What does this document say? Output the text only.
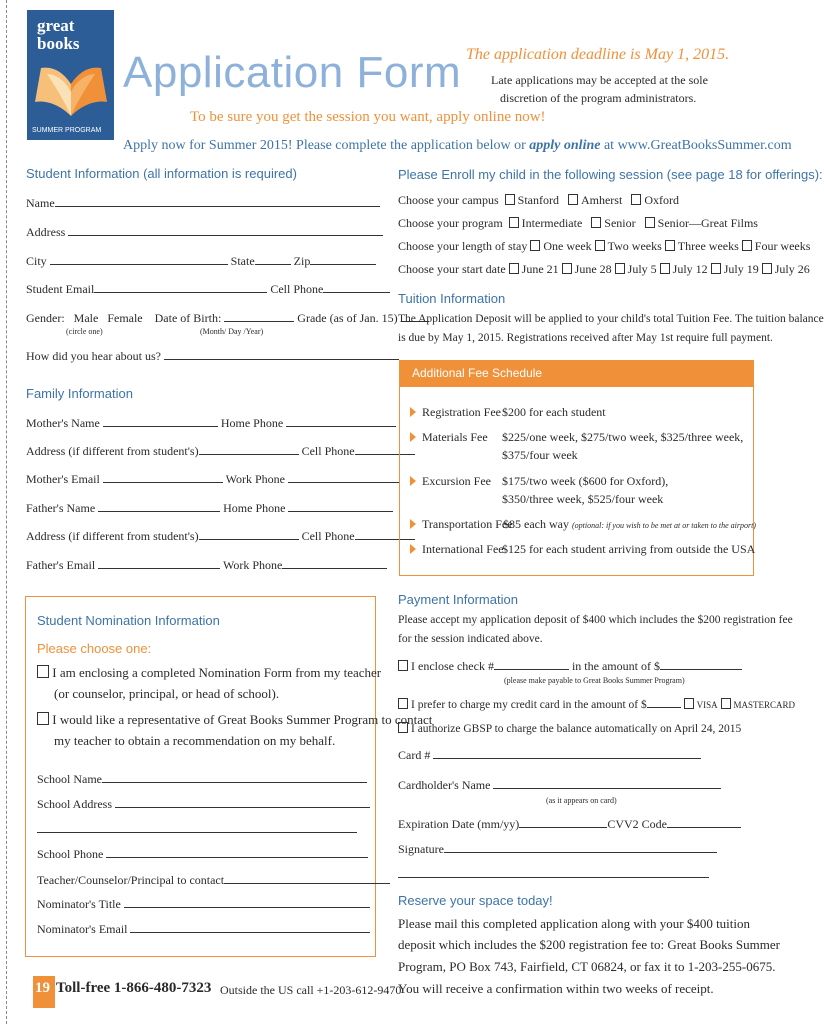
great
books
SUMMER PROGRAM
Application Form The application deadline is May 1, 2015.
Late applications may be accepted at the sole
discretion of the program administrators.
To be sure you get the session you want, apply online now!
Apply now for Summer 2015! Please complete the application below or apply online at www.GreatBooksSummer.com
Student Information (all information is required)
Name
Address
City	State	Zip
Student Email	Cell Phone
Gender: Male Female Date of Birth:	Grade (as of Jan. 15)
(circle one)	(Month/ Day /Year)
How did you hear about us?
Family Information
Mother's Name	Home Phone
Address (if different from student's)	Cell Phone
Mother's Email	Work Phone
Father's Name	Home Phone
Address (if different from student's)	Cell Phone
Father's Email	Work Phone
Student Nomination Information
Please choose one:
I am enclosing a completed Nomination Form from my teacher
(or counselor, principal, or head of school).
I would like a representative of Great Books Summer Program to contact
my teacher to obtain a recommendation on my behalf.
School Name
School Address
School Phone
Teacher/Counselor/Principal to contact
Nominator's Title
Nominator's Email
19 Toll-free 1-866-480-7323 Outside the US call +1-203-612-9470
Please Enroll my child in the following session (see page 18 for offerings):
Choose your campus Stanford Amherst Oxford
Choose your program Intermediate Senior Senior—Great Films
Choose your length of stay One week Two weeks Three weeks Four weeks
Choose your start date June 21 June 28 July 5 July 12 July 19 July 26
Tuition Information
The Application Deposit will be applied to your child's total Tuition Fee. The tuition balance
is due by May 1, 2015. Registrations received after May 1st require full payment.
Additional Fee Schedule
Registration Fee $200 for each student
Materials Fee $225/one week, $275/two week, $325/three week,
$375/four week
Excursion Fee $175/two week ($600 for Oxford),
$350/three week, $525/four week
Transportation Fee
$85 each way (optional: if you wish to be met at or taken to the airport)
International Fee
$125 for each student arriving from outside the USA
Payment Information
Please accept my application deposit of $400 which includes the $200 registration fee
for the session indicated above.
I enclose check #	in the amount of $
(please make payable to Great Books Summer Program)
I prefer to charge my credit card in the amount of $	VISA MASTERCARD
I authorize GBSP to charge the balance automatically on April 24, 2015
Card #
Cardholder's Name
(as it appears on card)
Expiration Date (mm/yy)	CVV2 Code
Signature
Reserve your space today!
Please mail this completed application along with your $400 tuition
deposit which includes the $200 registration fee to: Great Books Summer
Program, PO Box 743, Fairfield, CT 06824, or fax it to 1-203-255-0675.
You will receive a confirmation within two weeks of receipt.
